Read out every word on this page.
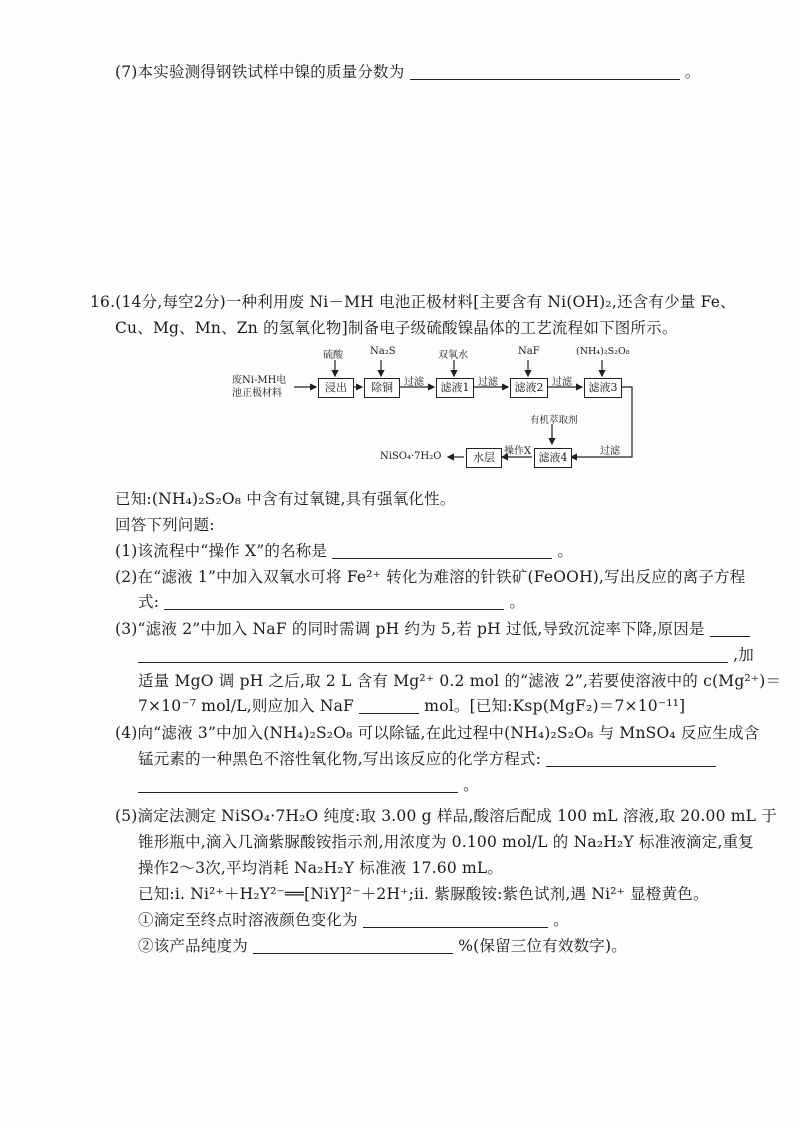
(7)本实验测得钢铁试样中镍的质量分数为	。
16.(14分,每空2分)一种利用废 Ni－MH 电池正极材料[主要含有 Ni(OH)₂,还含有少量 Fe、
Cu、Mg、Mn、Zn 的氢氧化物]制备电子级硫酸镍晶体的工艺流程如下图所示。
废Ni-MH电
池正极材料	浸出	除铜	滤液1	滤液2	滤液3
滤液4
水层
硫酸	Na₂S	双氧水	NaF	(NH₄)₂S₂O₈
有机萃取剂
过滤	过滤	过滤
过滤
操作X
NiSO₄·7H₂O
已知:(NH₄)₂S₂O₈ 中含有过氧键,具有强氧化性。
回答下列问题:
(1)该流程中“操作 X”的名称是	。
(2)在“滤液 1”中加入双氧水可将 Fe²⁺ 转化为难溶的针铁矿(FeOOH),写出反应的离子方程
式:	。
(3)“滤液 2”中加入 NaF 的同时需调 pH 约为 5,若 pH 过低,导致沉淀率下降,原因是
,加
适量 MgO 调 pH 之后,取 2 L 含有 Mg²⁺ 0.2 mol 的“滤液 2”,若要使溶液中的 c(Mg²⁺)＝
7×10⁻⁷ mol/L,则应加入 NaF	mol。[已知:Ksp(MgF₂)＝7×10⁻¹¹]
(4)向“滤液 3”中加入(NH₄)₂S₂O₈ 可以除锰,在此过程中(NH₄)₂S₂O₈ 与 MnSO₄ 反应生成含
锰元素的一种黑色不溶性氧化物,写出该反应的化学方程式:
。
(5)滴定法测定 NiSO₄·7H₂O 纯度:取 3.00 g 样品,酸溶后配成 100 mL 溶液,取 20.00 mL 于
锥形瓶中,滴入几滴紫脲酸铵指示剂,用浓度为 0.100 mol/L 的 Na₂H₂Y 标准液滴定,重复
操作2～3次,平均消耗 Na₂H₂Y 标准液 17.60 mL。
已知:ⅰ. Ni²⁺＋H₂Y²⁻══[NiY]²⁻＋2H⁺;ⅱ. 紫脲酸铵:紫色试剂,遇 Ni²⁺ 显橙黄色。
①滴定至终点时溶液颜色变化为	。
②该产品纯度为	%(保留三位有效数字)。
